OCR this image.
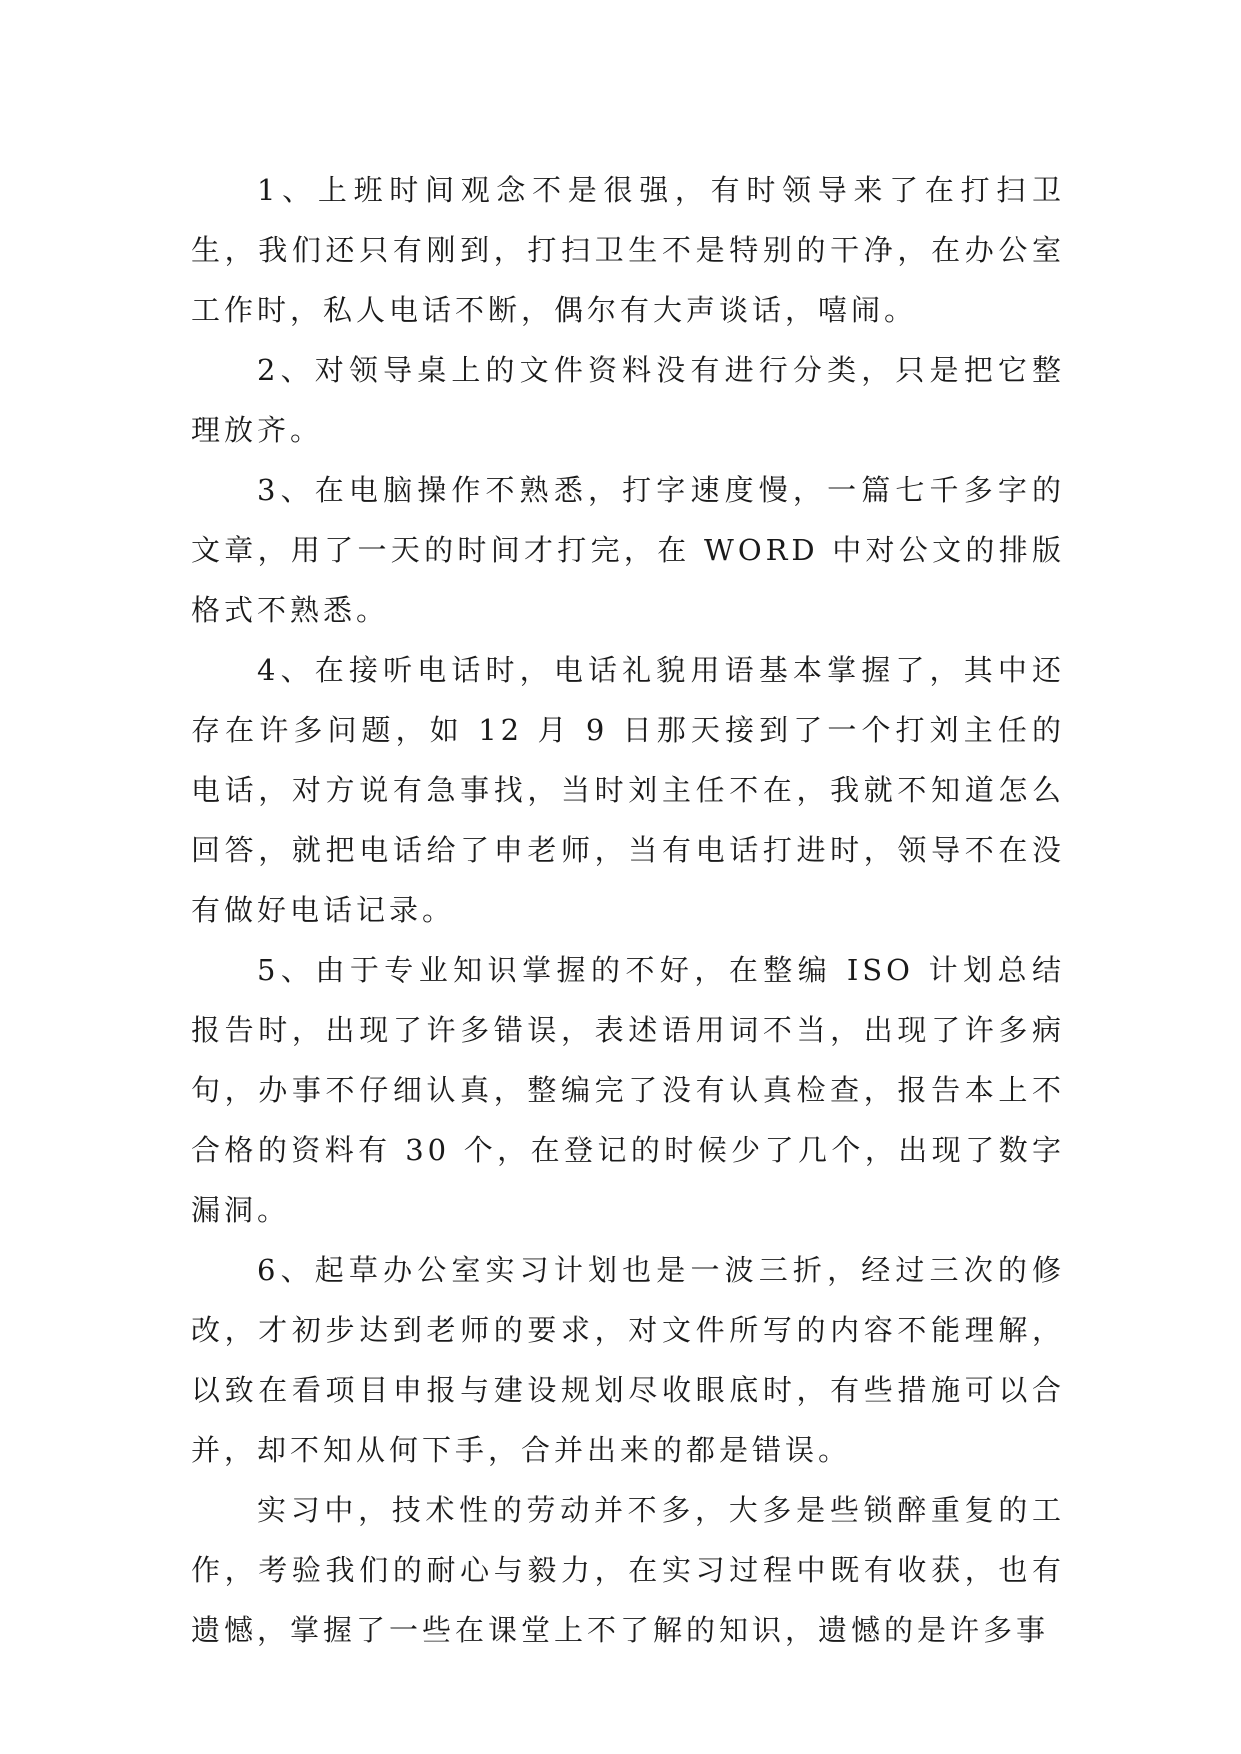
1、上班时间观念不是很强，有时领导来了在打扫卫生，我们还只有刚到，打扫卫生不是特别的干净，在办公室工作时，私人电话不断，偶尔有大声谈话，嘻闹。

2、对领导桌上的文件资料没有进行分类，只是把它整理放齐。

3、在电脑操作不熟悉，打字速度慢，一篇七千多字的文章，用了一天的时间才打完，在 WORD 中对公文的排版格式不熟悉。

4、在接听电话时，电话礼貌用语基本掌握了，其中还存在许多问题，如 12 月 9 日那天接到了一个打刘主任的电话，对方说有急事找，当时刘主任不在，我就不知道怎么回答，就把电话给了申老师，当有电话打进时，领导不在没有做好电话记录。

5、由于专业知识掌握的不好，在整编 ISO 计划总结报告时，出现了许多错误，表述语用词不当，出现了许多病句，办事不仔细认真，整编完了没有认真检查，报告本上不合格的资料有 30 个，在登记的时候少了几个，出现了数字漏洞。

6、起草办公室实习计划也是一波三折，经过三次的修改，才初步达到老师的要求，对文件所写的内容不能理解，以致在看项目申报与建设规划尽收眼底时，有些措施可以合并，却不知从何下手，合并出来的都是错误。

实习中，技术性的劳动并不多，大多是些锁醉重复的工作，考验我们的耐心与毅力，在实习过程中既有收获，也有遗憾，掌握了一些在课堂上不了解的知识，遗憾的是许多事
